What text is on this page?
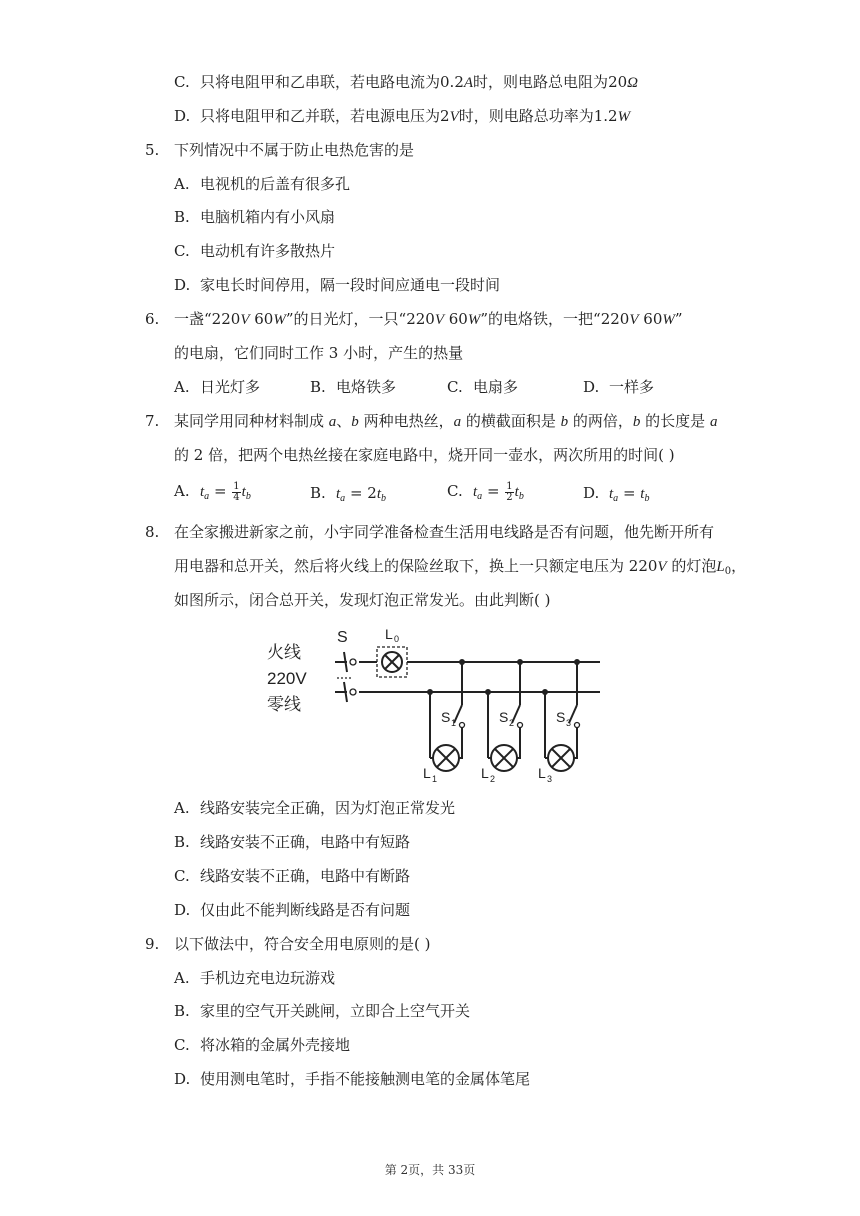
C. 只将电阻甲和乙串联，若电路电流为0.2A时，则电路总电阻为20Ω
D. 只将电阻甲和乙并联，若电源电压为2V时，则电路总功率为1.2W
5. 下列情况中不属于防止电热危害的是
A. 电视机的后盖有很多孔
B. 电脑机箱内有小风扇
C. 电动机有许多散热片
D. 家电长时间停用，隔一段时间应通电一段时间
6. 一盏“220V 60W”的日光灯，一只“220V 60W”的电烙铁，一把“220V 60W”
的电扇，它们同时工作 3 小时，产生的热量
A. 日光灯多	B. 电烙铁多	C. 电扇多	D. 一样多
7. 某同学用同种材料制成 a、b 两种电热丝，a 的横截面积是 b 的两倍，b 的长度是 a
的 2 倍，把两个电热丝接在家庭电路中，烧开同一壶水，两次所用的时间( )
A. $t_a = \frac{1}{4} t_b$	B. $t_a = 2t_b$	C. $t_a = \frac{1}{2} t_b$	D. $t_a = t_b$
8. 在全家搬进新家之前，小宇同学准备检查生活用电线路是否有问题，他先断开所有
用电器和总开关，然后将火线上的保险丝取下，换上一只额定电压为 220V 的灯泡$L_0$，
如图所示，闭合总开关，发现灯泡正常发光。由此判断( )
火线
220V
零线
S	L 0
S 1	S 2	S 3
L 1	L 2	L 3
A. 线路安装完全正确，因为灯泡正常发光
B. 线路安装不正确，电路中有短路
C. 线路安装不正确，电路中有断路
D. 仅由此不能判断线路是否有问题
9. 以下做法中，符合安全用电原则的是( )
A. 手机边充电边玩游戏
B. 家里的空气开关跳闸，立即合上空气开关
C. 将冰箱的金属外壳接地
D. 使用测电笔时，手指不能接触测电笔的金属体笔尾
第 2页，共 33页
